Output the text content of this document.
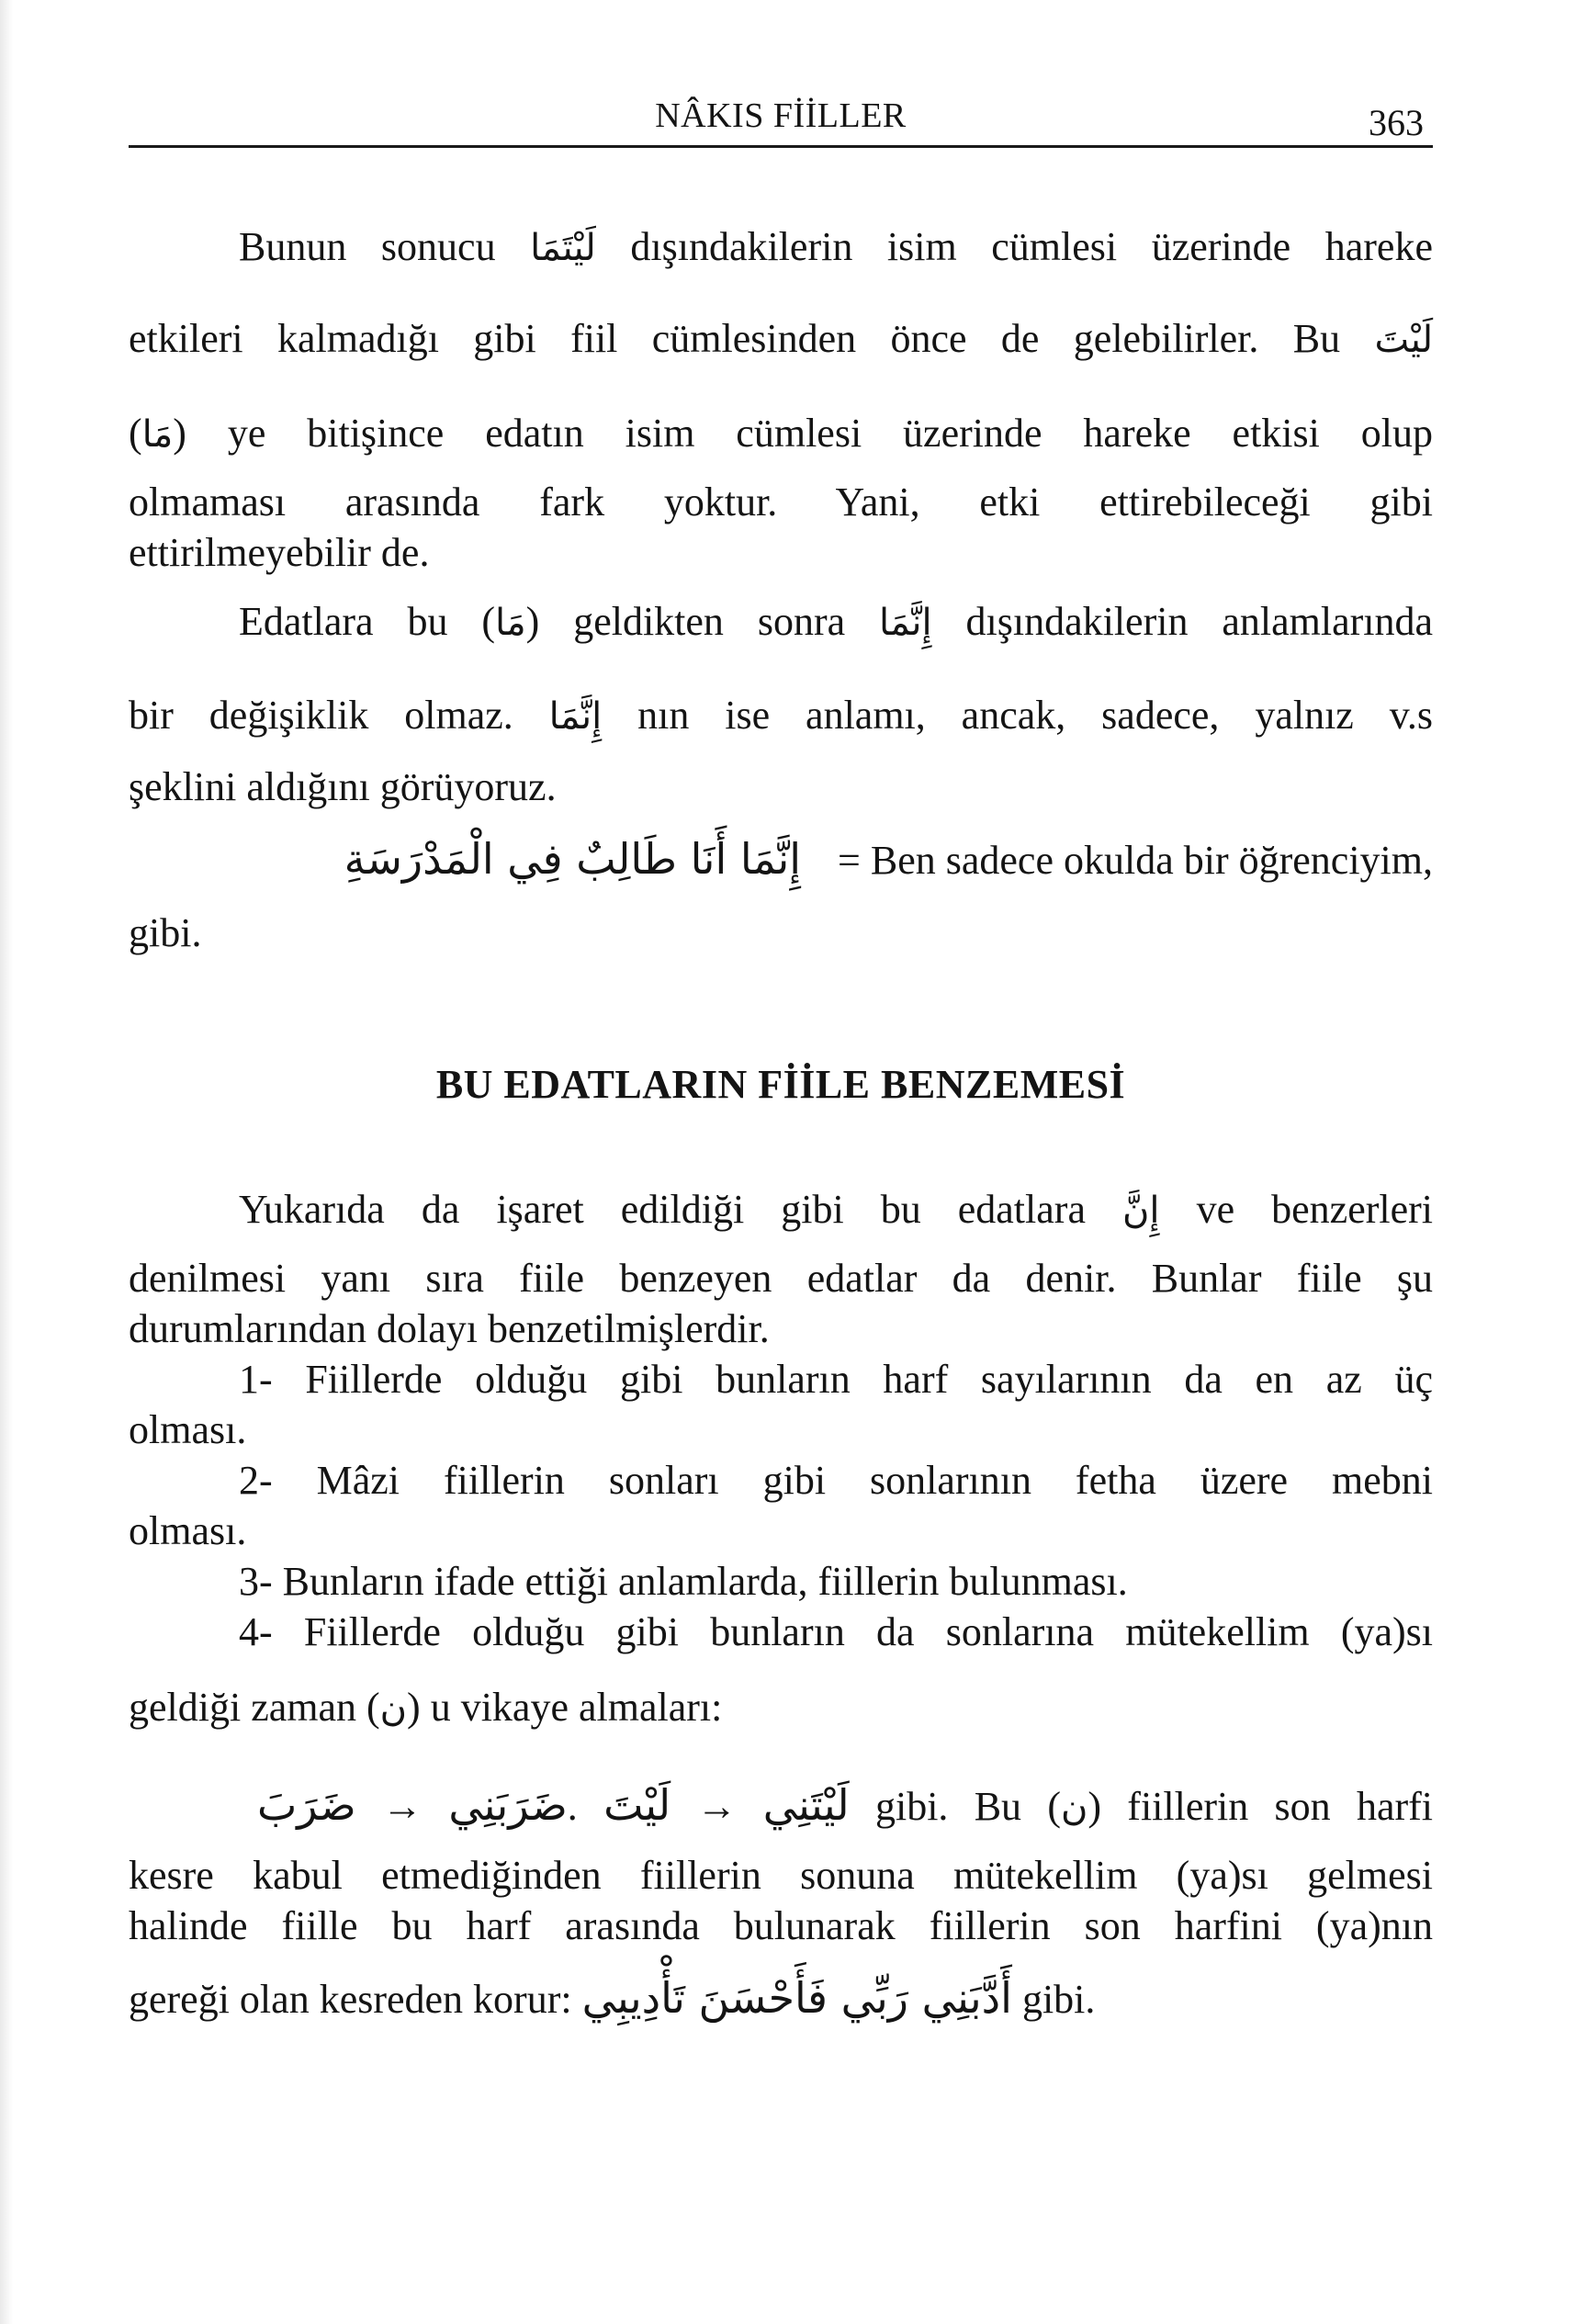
NÂKIS FİİLLER	363
Bunun sonucu لَيْتَمَا dışındakilerin isim cümlesi üzerinde hareke
etkileri kalmadığı gibi fiil cümlesinden önce de gelebilirler. Bu لَيْتَ
(مَا) ye bitişince edatın isim cümlesi üzerinde hareke etkisi olup
olmaması arasında fark yoktur. Yani, etki ettirebileceği gibi
ettirilmeyebilir de.
Edatlara bu (مَا) geldikten sonra إِنَّمَا dışındakilerin anlamlarında
bir değişiklik olmaz. إِنَّمَا nın ise anlamı, ancak, sadece, yalnız v.s
şeklini aldığını görüyoruz.
إِنَّمَا أَنَا طَالِبٌ فِي الْمَدْرَسَةِ = Ben sadece okulda bir öğrenciyim,
gibi.
BU EDATLARIN FİİLE BENZEMESİ
Yukarıda da işaret edildiği gibi bu edatlara إِنَّ ve benzerleri
denilmesi yanı sıra fiile benzeyen edatlar da denir. Bunlar fiile şu
durumlarından dolayı benzetilmişlerdir.
1- Fiillerde olduğu gibi bunların harf sayılarının da en az üç
olması.
2- Mâzi fiillerin sonları gibi sonlarının fetha üzere mebni
olması.
3- Bunların ifade ettiği anlamlarda, fiillerin bulunması.
4- Fiillerde olduğu gibi bunların da sonlarına mütekellim (ya)sı
geldiği zaman (ن) u vikaye almaları:
ضَرَبَ → ضَرَبَنِي. لَيْتَ → لَيْتَنِي gibi. Bu (ن) fiillerin son harfi
kesre kabul etmediğinden fiillerin sonuna mütekellim (ya)sı gelmesi
halinde fiille bu harf arasında bulunarak fiillerin son harfini (ya)nın
gereği olan kesreden korur: أَدَّبَنِي رَبِّي فَأَحْسَنَ تَأْدِيبِي gibi.
